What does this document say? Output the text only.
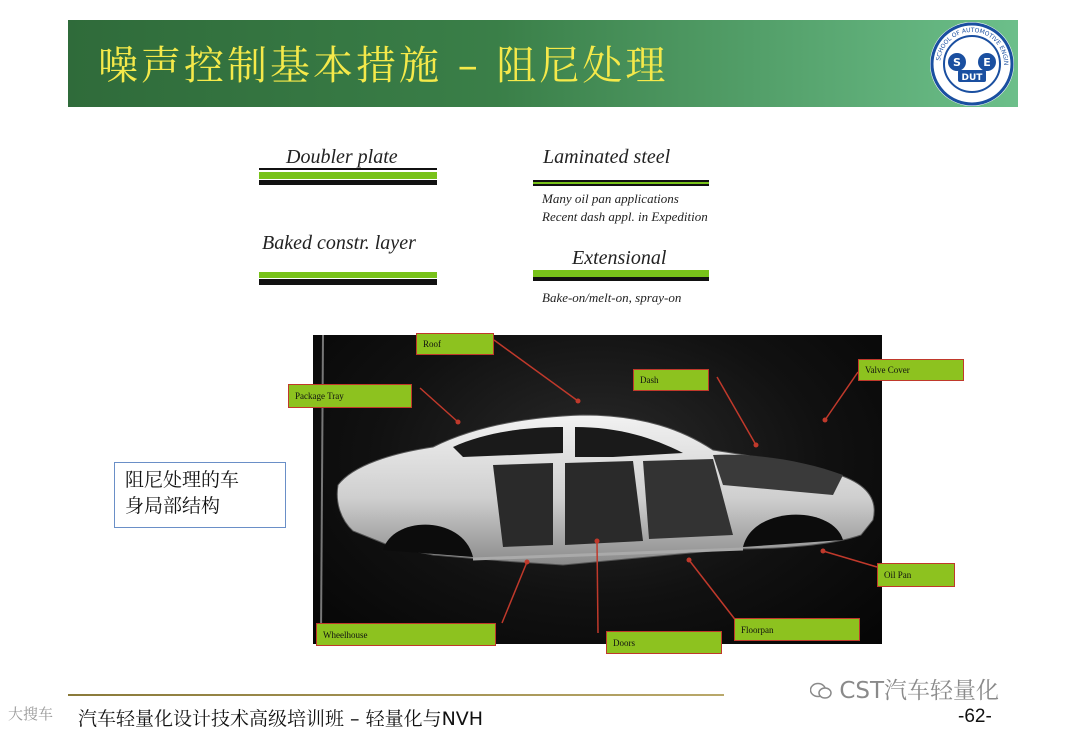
噪声控制基本措施 – 阻尼处理	S E
DUT
SCHOOL OF AUTOMOTIVE ENGIN
Doubler plate
Baked constr. layer
Laminated steel
Many oil pan applications
Recent dash appl. in Expedition
Extensional
Bake-on/melt-on, spray-on
Roof
Package Tray
Dash
Valve Cover
Oil Pan
Floorpan
Wheelhouse
Doors
阻尼处理的车
身局部结构
汽车轻量化设计技术高级培训班 – 轻量化与NVH	-62-
CST汽车轻量化
大搜车
